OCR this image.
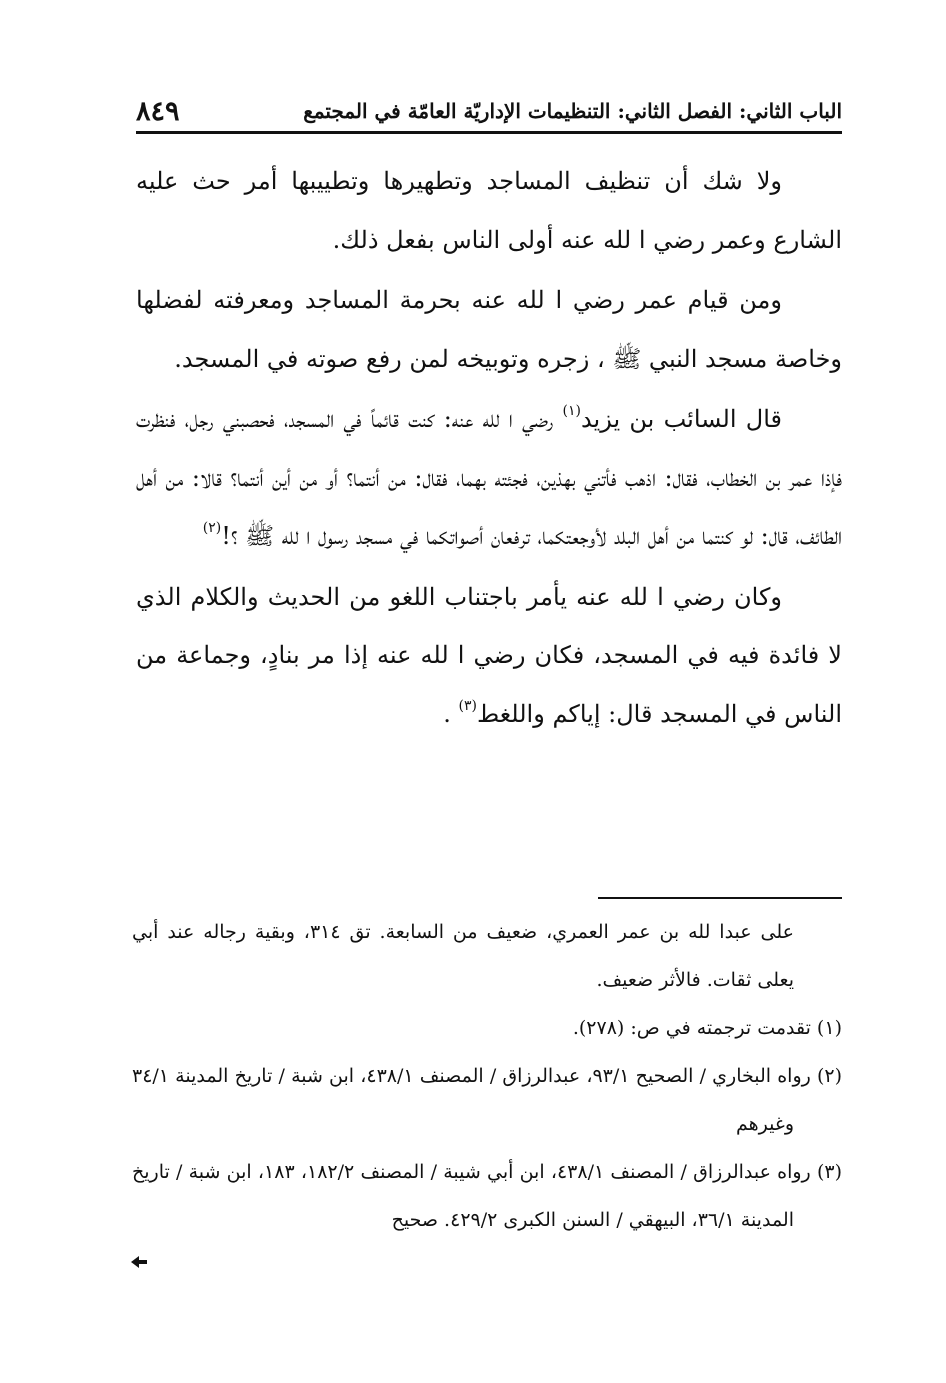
٨٤٩	الباب الثاني: الفصل الثاني: التنظيمات الإداريّة العامّة في المجتمع

ولا شك أن تنظيف المساجد وتطهيرها وتطييبها أمر حث عليه الشارع وعمر رضي ا لله عنه أولى الناس بفعل ذلك.

ومن قيام عمر رضي ا لله عنه بحرمة المساجد ومعرفته لفضلها وخاصة مسجد النبي ﷺ ، زجره وتوبيخه لمن رفع صوته في المسجد.

قال السائب بن يزيد$^{(١)}$ رضي ا لله عنه: كنت قائماً في المسجد، فحصبني رجل، فنظرت فإذا عمر بن الخطاب، فقال: اذهب فأتني بهذين، فجئته بهما، فقال: من أنتما؟ أو من أين أنتما؟ قالا: من أهل الطائف، قال: لو كنتما من أهل البلد لأوجعتكما، ترفعان أصواتكما في مسجد رسول ا لله ﷺ ؟!$^{(٢)}$

وكان رضي ا لله عنه يأمر باجتناب اللغو من الحديث والكلام الذي لا فائدة فيه في المسجد، فكان رضي ا لله عنه إذا مر بنادٍ، وجماعة من الناس في المسجد قال: إياكم واللغط$^{(٣)}$ .

على عبدا لله بن عمر العمري، ضعيف من السابعة. تق ٣١٤، وبقية رجاله عند أبي يعلى ثقات. فالأثر ضعيف.

(١) تقدمت ترجمته في ص: (٢٧٨).

(٢) رواه البخاري / الصحيح ٩٣/١، عبدالرزاق / المصنف ٤٣٨/١، ابن شبة / تاريخ المدينة ٣٤/١ وغيرهم

(٣) رواه عبدالرزاق / المصنف ٤٣٨/١، ابن أبي شيبة / المصنف ١٨٢/٢، ١٨٣، ابن شبة / تاريخ المدينة ٣٦/١، البيهقي / السنن الكبرى ٤٢٩/٢. صحيح
